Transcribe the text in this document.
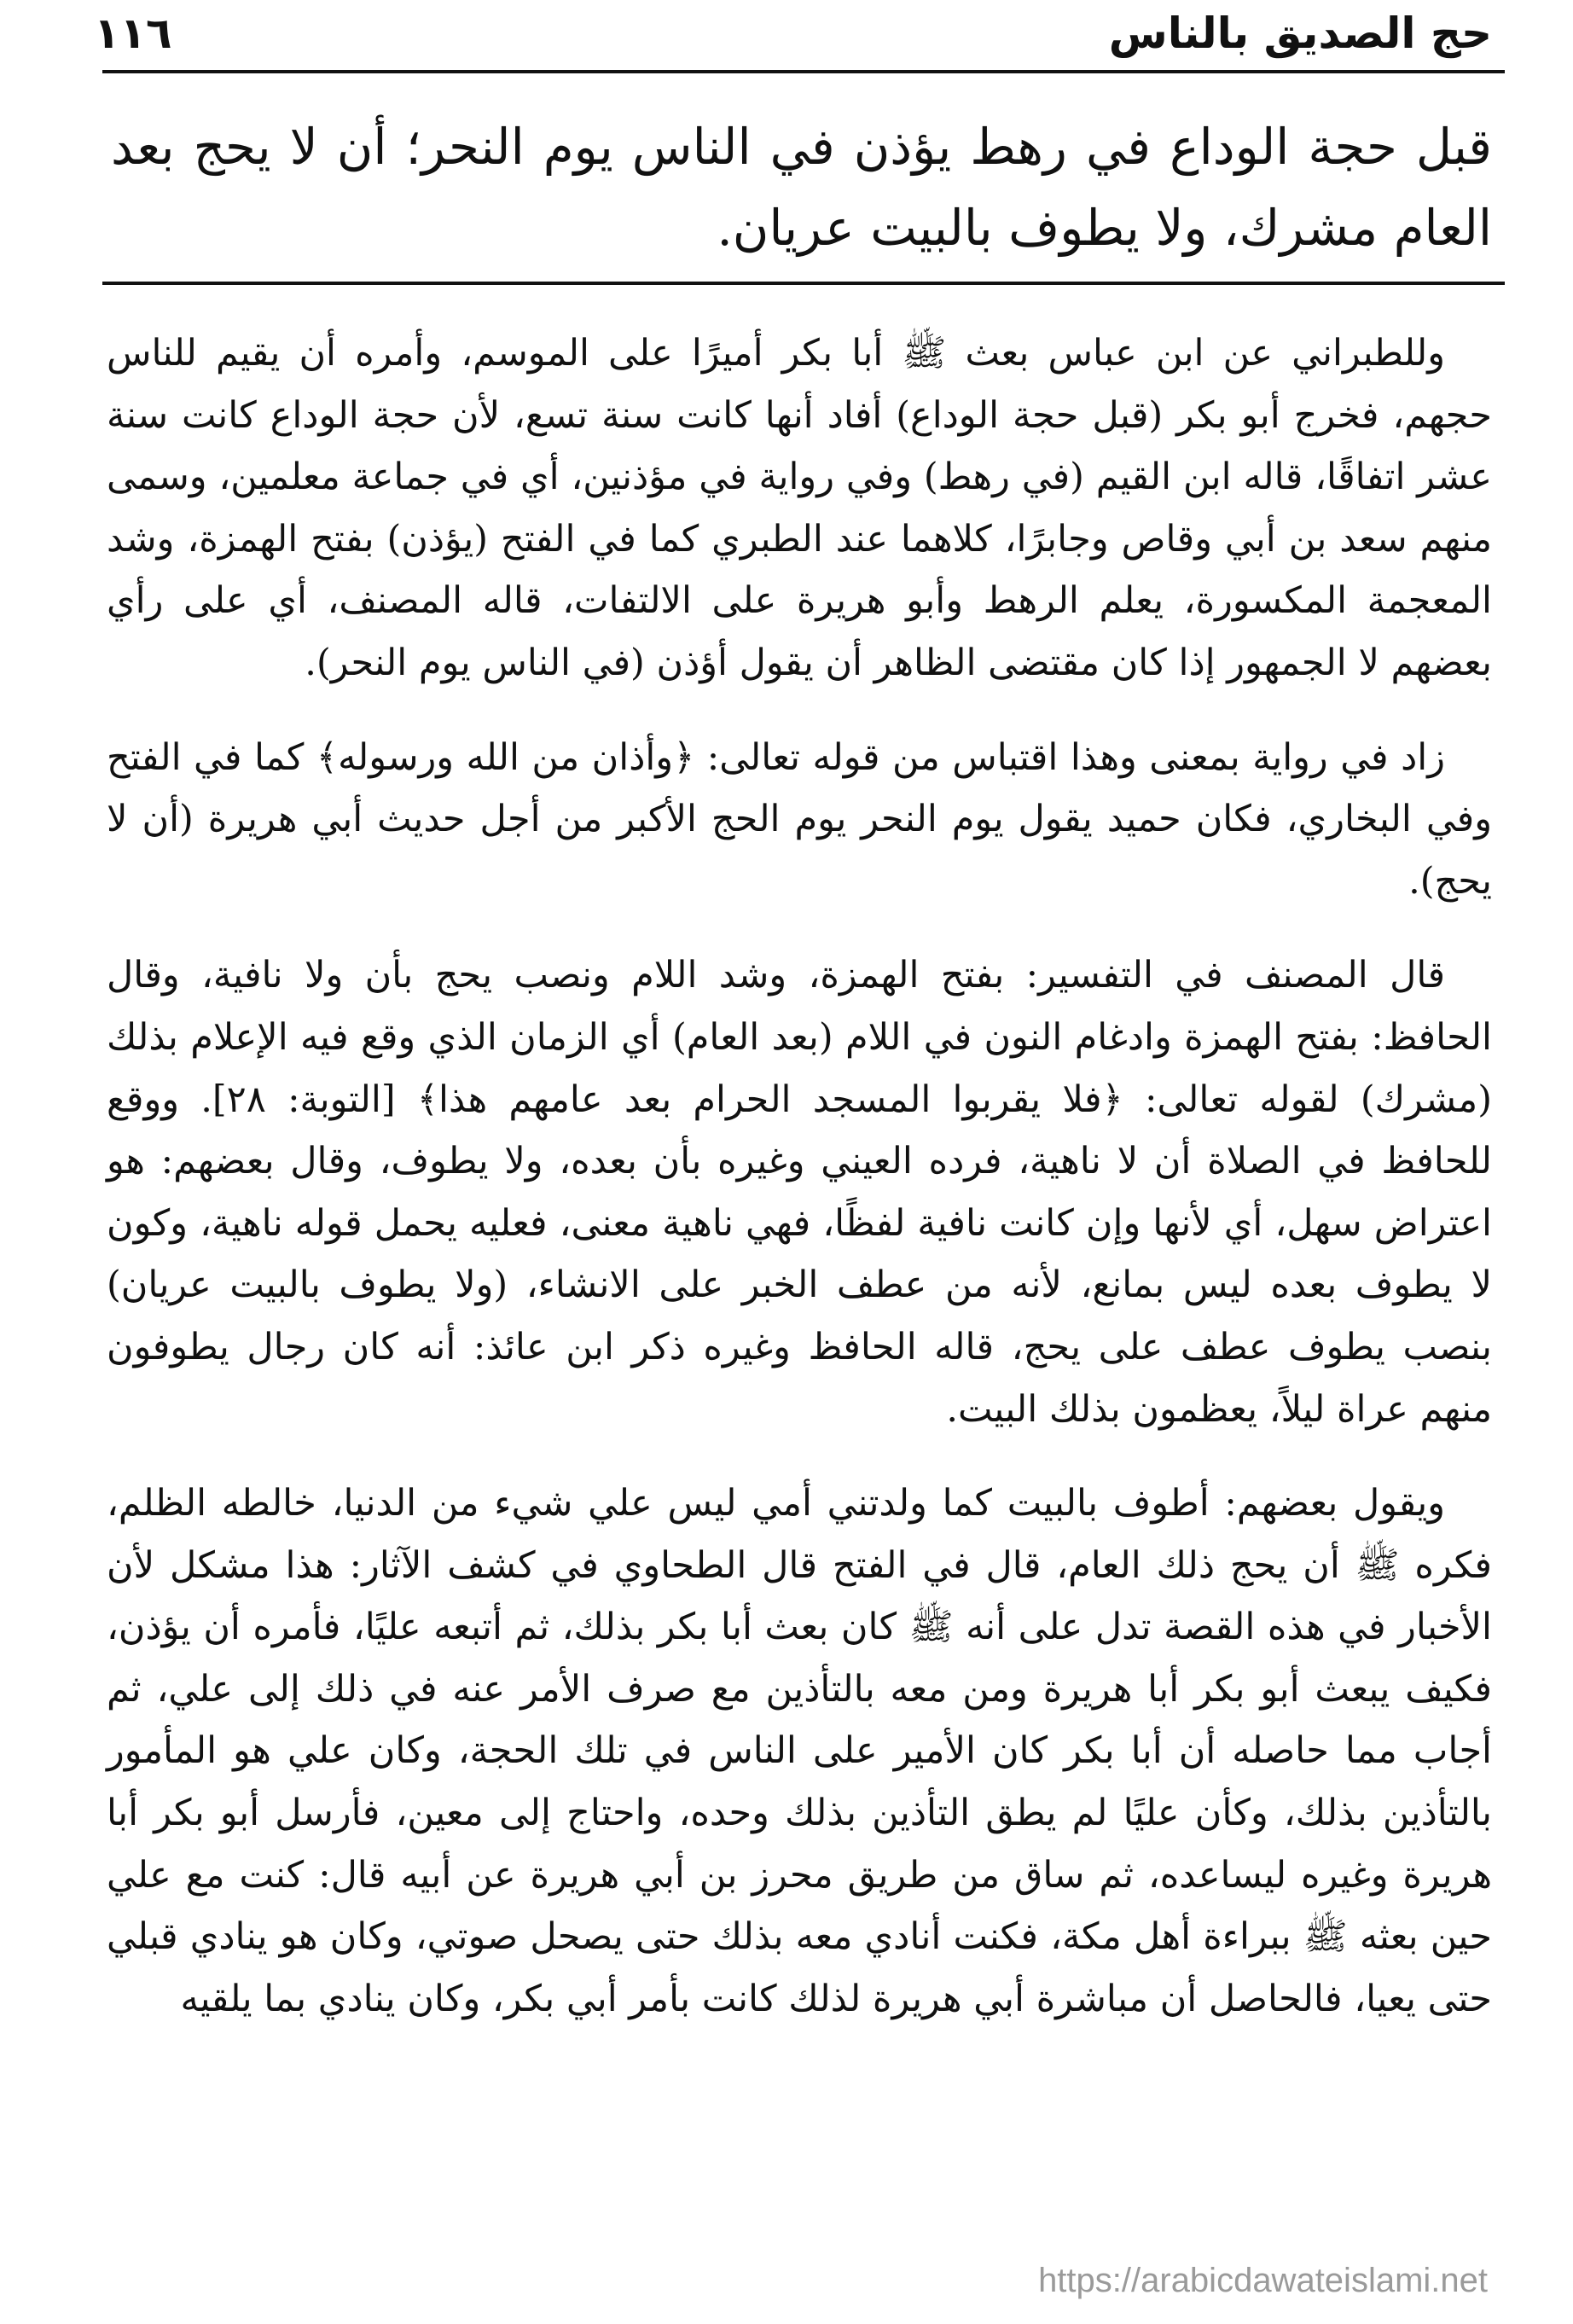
حج الصديق بالناس
١١٦
قبل حجة الوداع في رهط يؤذن في الناس يوم النحر؛ أن لا يحج بعد العام مشرك، ولا يطوف بالبيت عريان.

وللطبراني عن ابن عباس بعث ﷺ أبا بكر أميرًا على الموسم، وأمره أن يقيم للناس حجهم، فخرج أبو بكر (قبل حجة الوداع) أفاد أنها كانت سنة تسع، لأن حجة الوداع كانت سنة عشر اتفاقًا، قاله ابن القيم (في رهط) وفي رواية في مؤذنين، أي في جماعة معلمين، وسمى منهم سعد بن أبي وقاص وجابرًا، كلاهما عند الطبري كما في الفتح (يؤذن) بفتح الهمزة، وشد المعجمة المكسورة، يعلم الرهط وأبو هريرة على الالتفات، قاله المصنف، أي على رأي بعضهم لا الجمهور إذا كان مقتضى الظاهر أن يقول أؤذن (في الناس يوم النحر).

زاد في رواية بمعنى وهذا اقتباس من قوله تعالى: ﴿وأذان من الله ورسوله﴾ كما في الفتح وفي البخاري، فكان حميد يقول يوم النحر يوم الحج الأكبر من أجل حديث أبي هريرة (أن لا يحج).

قال المصنف في التفسير: بفتح الهمزة، وشد اللام ونصب يحج بأن ولا نافية، وقال الحافظ: بفتح الهمزة وادغام النون في اللام (بعد العام) أي الزمان الذي وقع فيه الإعلام بذلك (مشرك) لقوله تعالى: ﴿فلا يقربوا المسجد الحرام بعد عامهم هذا﴾ [التوبة: ٢٨]. ووقع للحافظ في الصلاة أن لا ناهية، فرده العيني وغيره بأن بعده، ولا يطوف، وقال بعضهم: هو اعتراض سهل، أي لأنها وإن كانت نافية لفظًا، فهي ناهية معنى، فعليه يحمل قوله ناهية، وكون لا يطوف بعده ليس بمانع، لأنه من عطف الخبر على الانشاء، (ولا يطوف بالبيت عريان) بنصب يطوف عطف على يحج، قاله الحافظ وغيره ذكر ابن عائذ: أنه كان رجال يطوفون منهم عراة ليلاً، يعظمون بذلك البيت.

ويقول بعضهم: أطوف بالبيت كما ولدتني أمي ليس علي شيء من الدنيا، خالطه الظلم، فكره ﷺ أن يحج ذلك العام، قال في الفتح قال الطحاوي في كشف الآثار: هذا مشكل لأن الأخبار في هذه القصة تدل على أنه ﷺ كان بعث أبا بكر بذلك، ثم أتبعه عليًا، فأمره أن يؤذن، فكيف يبعث أبو بكر أبا هريرة ومن معه بالتأذين مع صرف الأمر عنه في ذلك إلى علي، ثم أجاب مما حاصله أن أبا بكر كان الأمير على الناس في تلك الحجة، وكان علي هو المأمور بالتأذين بذلك، وكأن عليًا لم يطق التأذين بذلك وحده، واحتاج إلى معين، فأرسل أبو بكر أبا هريرة وغيره ليساعده، ثم ساق من طريق محرز بن أبي هريرة عن أبيه قال: كنت مع علي حين بعثه ﷺ ببراءة أهل مكة، فكنت أنادي معه بذلك حتى يصحل صوتي، وكان هو ينادي قبلي حتى يعيا، فالحاصل أن مباشرة أبي هريرة لذلك كانت بأمر أبي بكر، وكان ينادي بما يلقيه

https://arabicdawateislami.net
